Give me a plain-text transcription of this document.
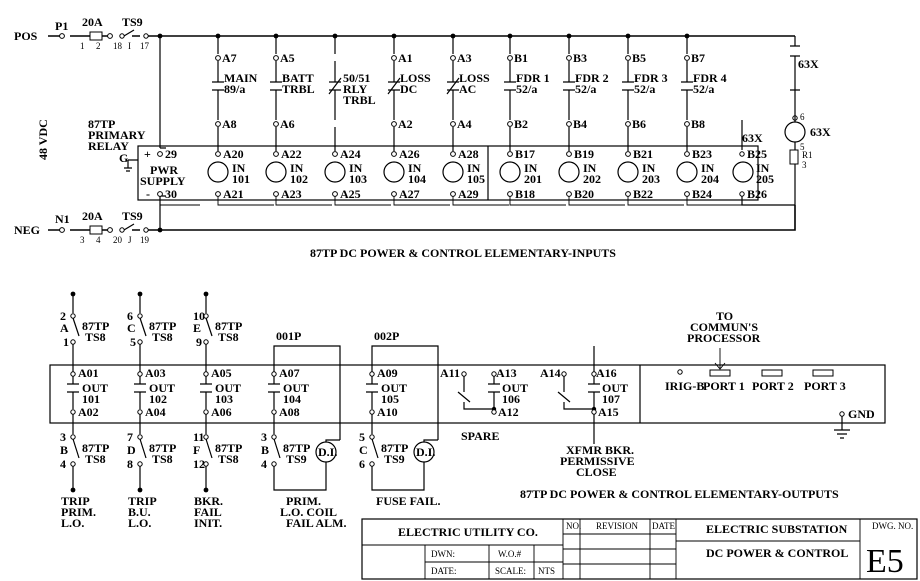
POS
NEG
48 VDC
P1
N1
20A
1 2
TS9
18 I 17
20A
3 4
TS9
20 J 19
87TP
PRIMARY
RELAY
G +
-
29
30
PWR
SUPPLY
A7
MAIN
89/a
A8
A20
IN
101
A21
A5
BATT
TRBL
A6
A22
IN
102
A23
50/51
RLY
TRBL
A24
IN
103
A25
A1
LOSS
DC
A2
A26
IN
104
A27
A3
LOSS
AC
A4
A28
IN
105
A29
B1
FDR 1
52/a
B2
B17
IN
201
B18
B3
FDR 2
52/a
B4
B19
IN
202
B20
B5
FDR 3
52/a
B6
B21
IN
203
B22
B7
FDR 4
52/a
B8
B23
IN
204
B24
63X
6
63X
5
R1
3
63X
B25
IN
205
B26
87TP DC POWER & CONTROL ELEMENTARY-INPUTS
2
A
1
87TP
TS8
A01
OUT
101
A02
3
B
4
87TP
TS8
TRIP
PRIM.
L.O.
6
C
5
87TP
TS8
A03
OUT
102
A04
7
D
8
87TP
TS8
TRIP
B.U.
L.O.
10
E
9
87TP
TS8
A05
OUT
103
A06
11
F
12
87TP
TS8
BKR.
FAIL
INIT.
001P
A07
OUT
104
A08
3
B
4
87TP
TS9 D.I.
PRIM.
L.O. COIL
FAIL ALM.
002P
A09
OUT
105
A10
5
C
6
87TP
TS9 D.I.
FUSE FAIL.
A11	A13
OUT
106
A12
SPARE
A14	A16
OUT
107
A15
XFMR BKR.
PERMISSIVE
CLOSE
TO
COMMUN'S
PROCESSOR
IRIG-B
PORT 1 PORT 2 PORT 3
GND
87TP DC POWER & CONTROL ELEMENTARY-OUTPUTS
ELECTRIC UTILITY CO.
DWN:
DATE:
W.O.#
SCALE: NTS
NO. REVISION DATE	ELECTRIC SUBSTATION
DC POWER & CONTROL
DWG. NO.
E5
